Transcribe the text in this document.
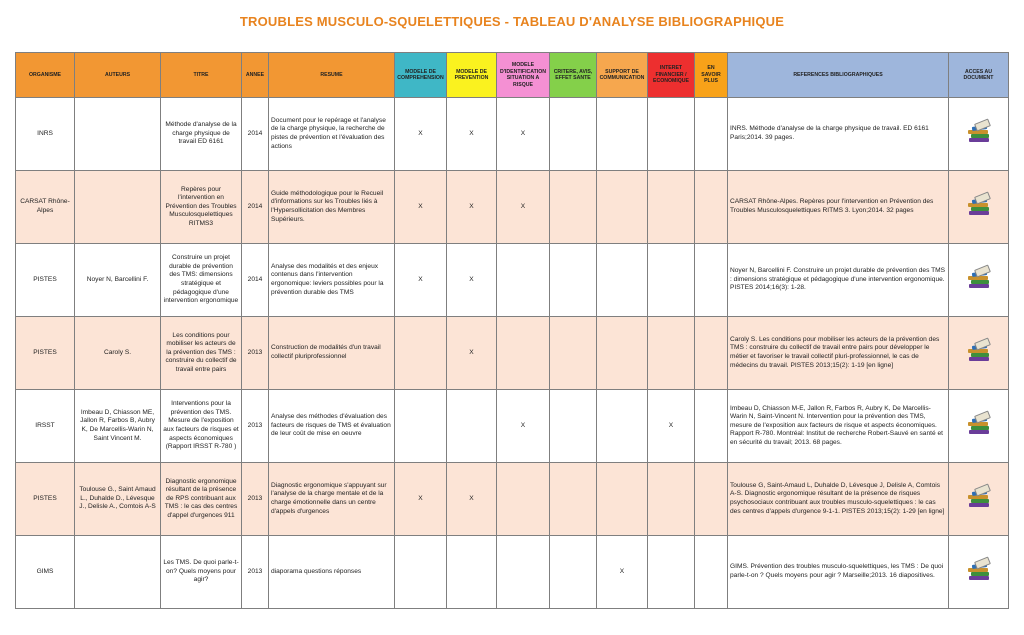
TROUBLES MUSCULO-SQUELETTIQUES - TABLEAU D'ANALYSE BIBLIOGRAPHIQUE
ORGANISME	AUTEURS	TITRE	ANNEE	RESUME	MODELE DE COMPREHENSION	MODELE DE PREVENTION	MODELE D'IDENTIFICATION SITUATION A RISQUE	CRITERE, AVIS, EFFET SANTE	SUPPORT DE COMMUNICATION	INTERET FINANCIER / ECONOMIQUE	EN SAVOIR PLUS	REFERENCES BIBLIOGRAPHIQUES	ACCES AU DOCUMENT
INRS		Méthode d'analyse de la charge physique de travail ED 6161	2014	Document pour le repérage et l'analyse de la charge physique, la recherche de pistes de prévention et l'évaluation des actions	X	X	X					INRS. Méthode d'analyse de la charge physique de travail. ED 6161 Paris;2014. 39 pages.	

CARSAT Rhône-Alpes		Repères pour l'intervention en Prévention des Troubles Musculosquelettiques RITMS3	2014	Guide méthodologique pour le Recueil d'informations sur les Troubles liés à l'Hypersollicitation des Membres Supérieurs.	X	X	X					CARSAT Rhône-Alpes. Repères pour l'intervention en Prévention des Troubles Musculosquelettiques RITMS 3. Lyon;2014. 32 pages	

PISTES	Noyer N, Barcellini F.	Construire un projet durable de prévention des TMS: dimensions stratégique et pédagogique d'une intervention ergonomique	2014	Analyse des modalités et des enjeux contenus dans l'intervention ergonomique: leviers possibles pour la prévention durable des TMS	X	X						Noyer N, Barcellini F. Construire un projet durable de prévention des TMS : dimensions stratégique et pédagogique d'une intervention ergonomique. PISTES 2014;16(3): 1-28.	

PISTES	Caroly S.	Les conditions pour mobiliser les acteurs de la prévention des TMS : construire du collectif de travail entre pairs	2013	Construction de modalités d'un travail collectif pluriprofessionnel		X						Caroly S. Les conditions pour mobiliser les acteurs de la prévention des TMS : construire du collectif de travail entre pairs pour développer le métier et favoriser le travail collectif pluri-professionnel, le cas de médecins du travail. PISTES 2013;15(2): 1-19 [en ligne]	

IRSST	Imbeau D, Chiasson ME, Jallon R, Farbos B, Aubry K, De Marcellis-Warin N, Saint Vincent M.	Interventions pour la prévention des TMS. Mesure de l'exposition aux facteurs de risques et aspects économiques (Rapport IRSST R-780 )	2013	Analyse des méthodes d'évaluation des facteurs de risques de TMS et évaluation de leur coût de mise en oeuvre			X			X		Imbeau D, Chiasson M-E, Jallon R, Farbos R, Aubry K, De Marcellis-Warin N, Saint-Vincent N. Intervention pour la prévention des TMS, mesure de l'exposition aux facteurs de risque et aspects économiques. Rapport R-780. Montréal: Institut de recherche Robert-Sauvé en santé et en sécurité du travail; 2013. 68 pages.	

PISTES	Toulouse G., Saint Amaud L., Duhalde D., Lévesque J., Delisle A., Comtois A-S	Diagnostic ergonomique résultant de la présence de RPS contribuant aux TMS : le cas des centres d'appel d'urgences 911	2013	Diagnostic ergonomique s'appuyant sur l'analyse de la charge mentale et de la charge émotionnelle dans un centre d'appels d'urgences	X	X						Toulouse G, Saint-Amaud L, Duhalde D, Lévesque J, Delisle A, Comtois A-S. Diagnostic ergonomique résultant de la présence de risques psychosociaux contribuant aux troubles musculo-squelettiques : le cas des centres d'appels d'urgence 9-1-1. PISTES 2013;15(2): 1-29 [en ligne]	

GIMS		Les TMS. De quoi parle-t-on? Quels moyens pour agir?	2013	diaporama questions réponses					X			GIMS. Prévention des troubles musculo-squelettiques, les TMS : De quoi parle-t-on ? Quels moyens pour agir ? Marseille;2013. 16 diapositives.	
